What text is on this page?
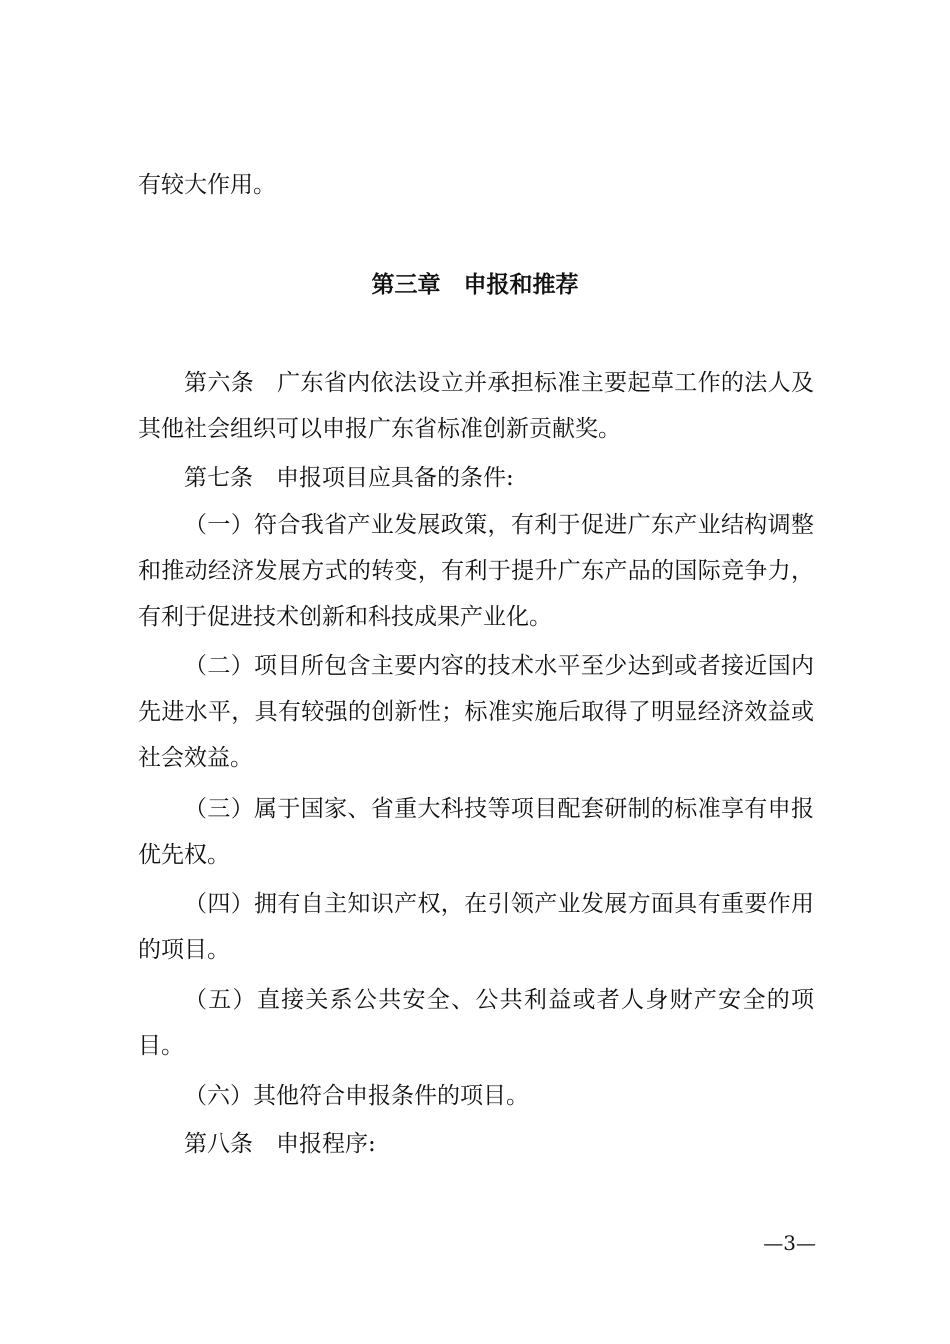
有较大作用。

第三章　申报和推荐

第六条 广东省内依法设立并承担标准主要起草工作的法人及其他社会组织可以申报广东省标准创新贡献奖。

第七条 申报项目应具备的条件:

（一）符合我省产业发展政策，有利于促进广东产业结构调整和推动经济发展方式的转变，有利于提升广东产品的国际竞争力，有利于促进技术创新和科技成果产业化。

（二）项目所包含主要内容的技术水平至少达到或者接近国内先进水平，具有较强的创新性；标准实施后取得了明显经济效益或社会效益。

（三）属于国家、省重大科技等项目配套研制的标准享有申报优先权。

（四）拥有自主知识产权，在引领产业发展方面具有重要作用的项目。

（五）直接关系公共安全、公共利益或者人身财产安全的项目。

（六）其他符合申报条件的项目。

第八条 申报程序:

—3—
